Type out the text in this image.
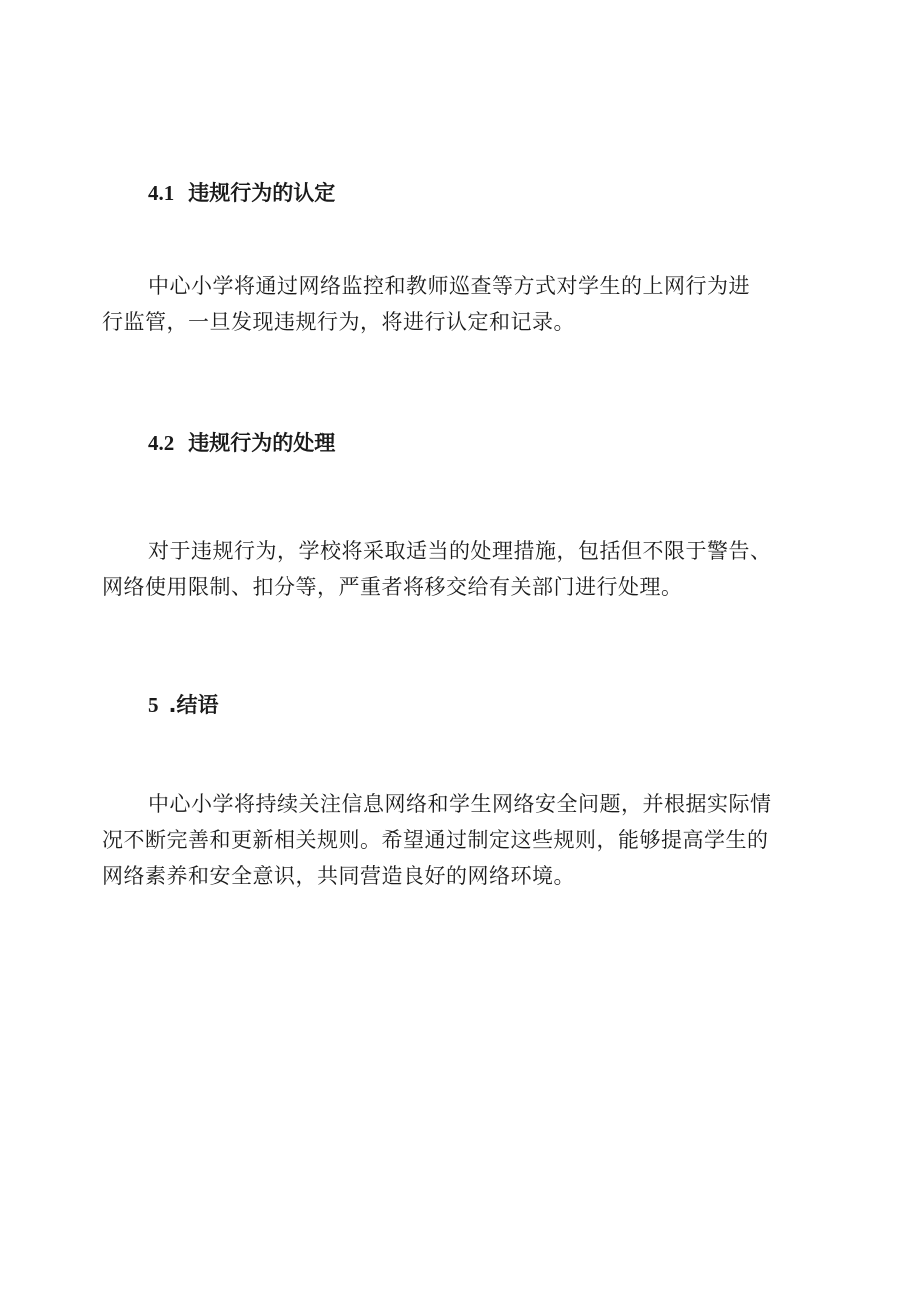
4.1 违规行为的认定
中心小学将通过网络监控和教师巡查等方式对学生的上网行为进
行监管，一旦发现违规行为，将进行认定和记录。
4.2 违规行为的处理
对于违规行为，学校将采取适当的处理措施，包括但不限于警告、
网络使用限制、扣分等，严重者将移交给有关部门进行处理。
5 .结语
中心小学将持续关注信息网络和学生网络安全问题，并根据实际情
况不断完善和更新相关规则。希望通过制定这些规则，能够提高学生的
网络素养和安全意识，共同营造良好的网络环境。
